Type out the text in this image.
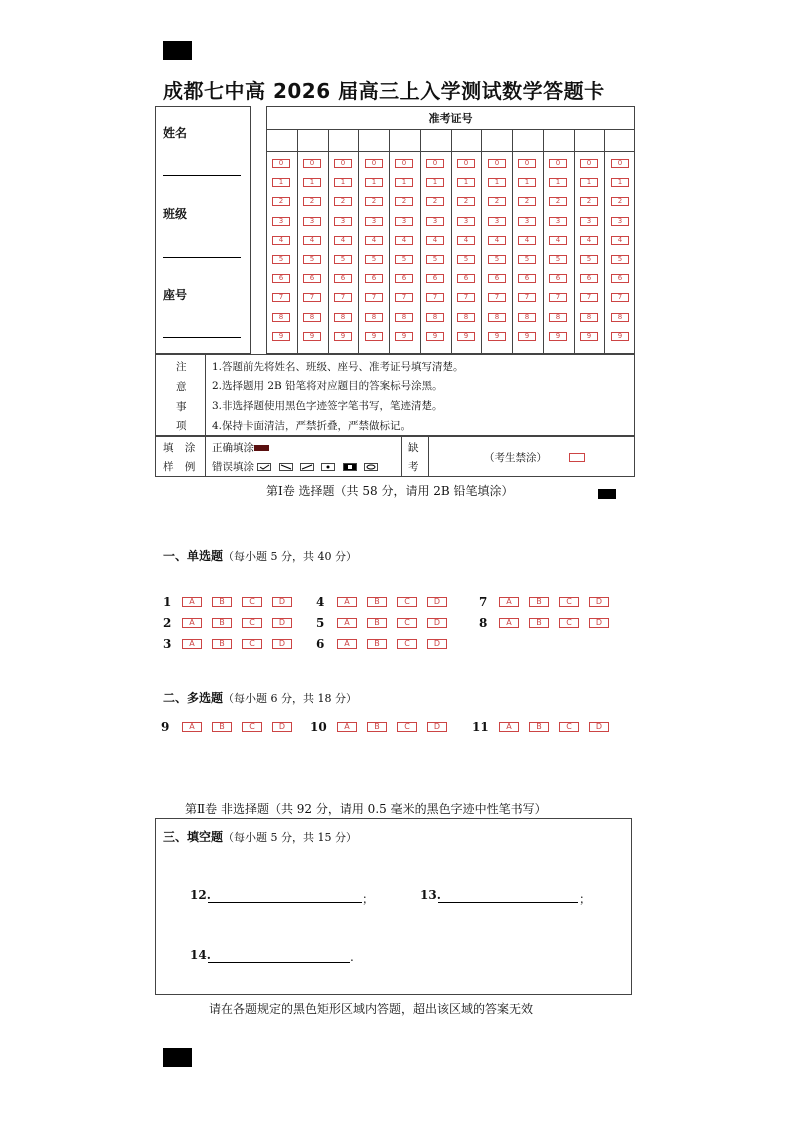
成都七中高 2026 届高三上入学测试数学答题卡
姓名
班级
座号
准考证号
0
1
2
3
4
5
6
7
8
9
0
1
2
3
4
5
6
7
8
9
0
1
2
3
4
5
6
7
8
9
0
1
2
3
4
5
6
7
8
9
0
1
2
3
4
5
6
7
8
9
0
1
2
3
4
5
6
7
8
9
0
1
2
3
4
5
6
7
8
9
0
1
2
3
4
5
6
7
8
9
0
1
2
3
4
5
6
7
8
9
0
1
2
3
4
5
6
7
8
9
0
1
2
3
4
5
6
7
8
9
0
1
2
3
4
5
6
7
8
9
注
意
事
项
1.答题前先将姓名、班级、座号、准考证号填写清楚。
2.选择题用 2B 铅笔将对应题目的答案标号涂黑。
3.非选择题使用黑色字迹签字笔书写，笔迹清楚。
4.保持卡面清洁，严禁折叠，严禁做标记。
填 涂
样 例
正确填涂
错误填涂

缺
考
（考生禁涂）
第Ⅰ卷 选择题（共 58 分，请用 2B 铅笔填涂）
一、单选题（每小题 5 分，共 40 分）
1	A	B	C	D
2	A	B	C	D
3	A	B	C	D
4	A	B	C	D
5	A	B	C	D
6	A	B	C	D
7	A	B	C	D
8	A	B	C	D
二、多选题（每小题 6 分，共 18 分）
9	A	B	C	D	10	A	B	C	D	11	A	B	C	D
第Ⅱ卷 非选择题（共 92 分，请用 0.5 毫米的黑色字迹中性笔书写）
三、填空题（每小题 5 分，共 15 分）
12.	；	13.	；
14.	.
请在各题规定的黑色矩形区域内答题，超出该区域的答案无效
